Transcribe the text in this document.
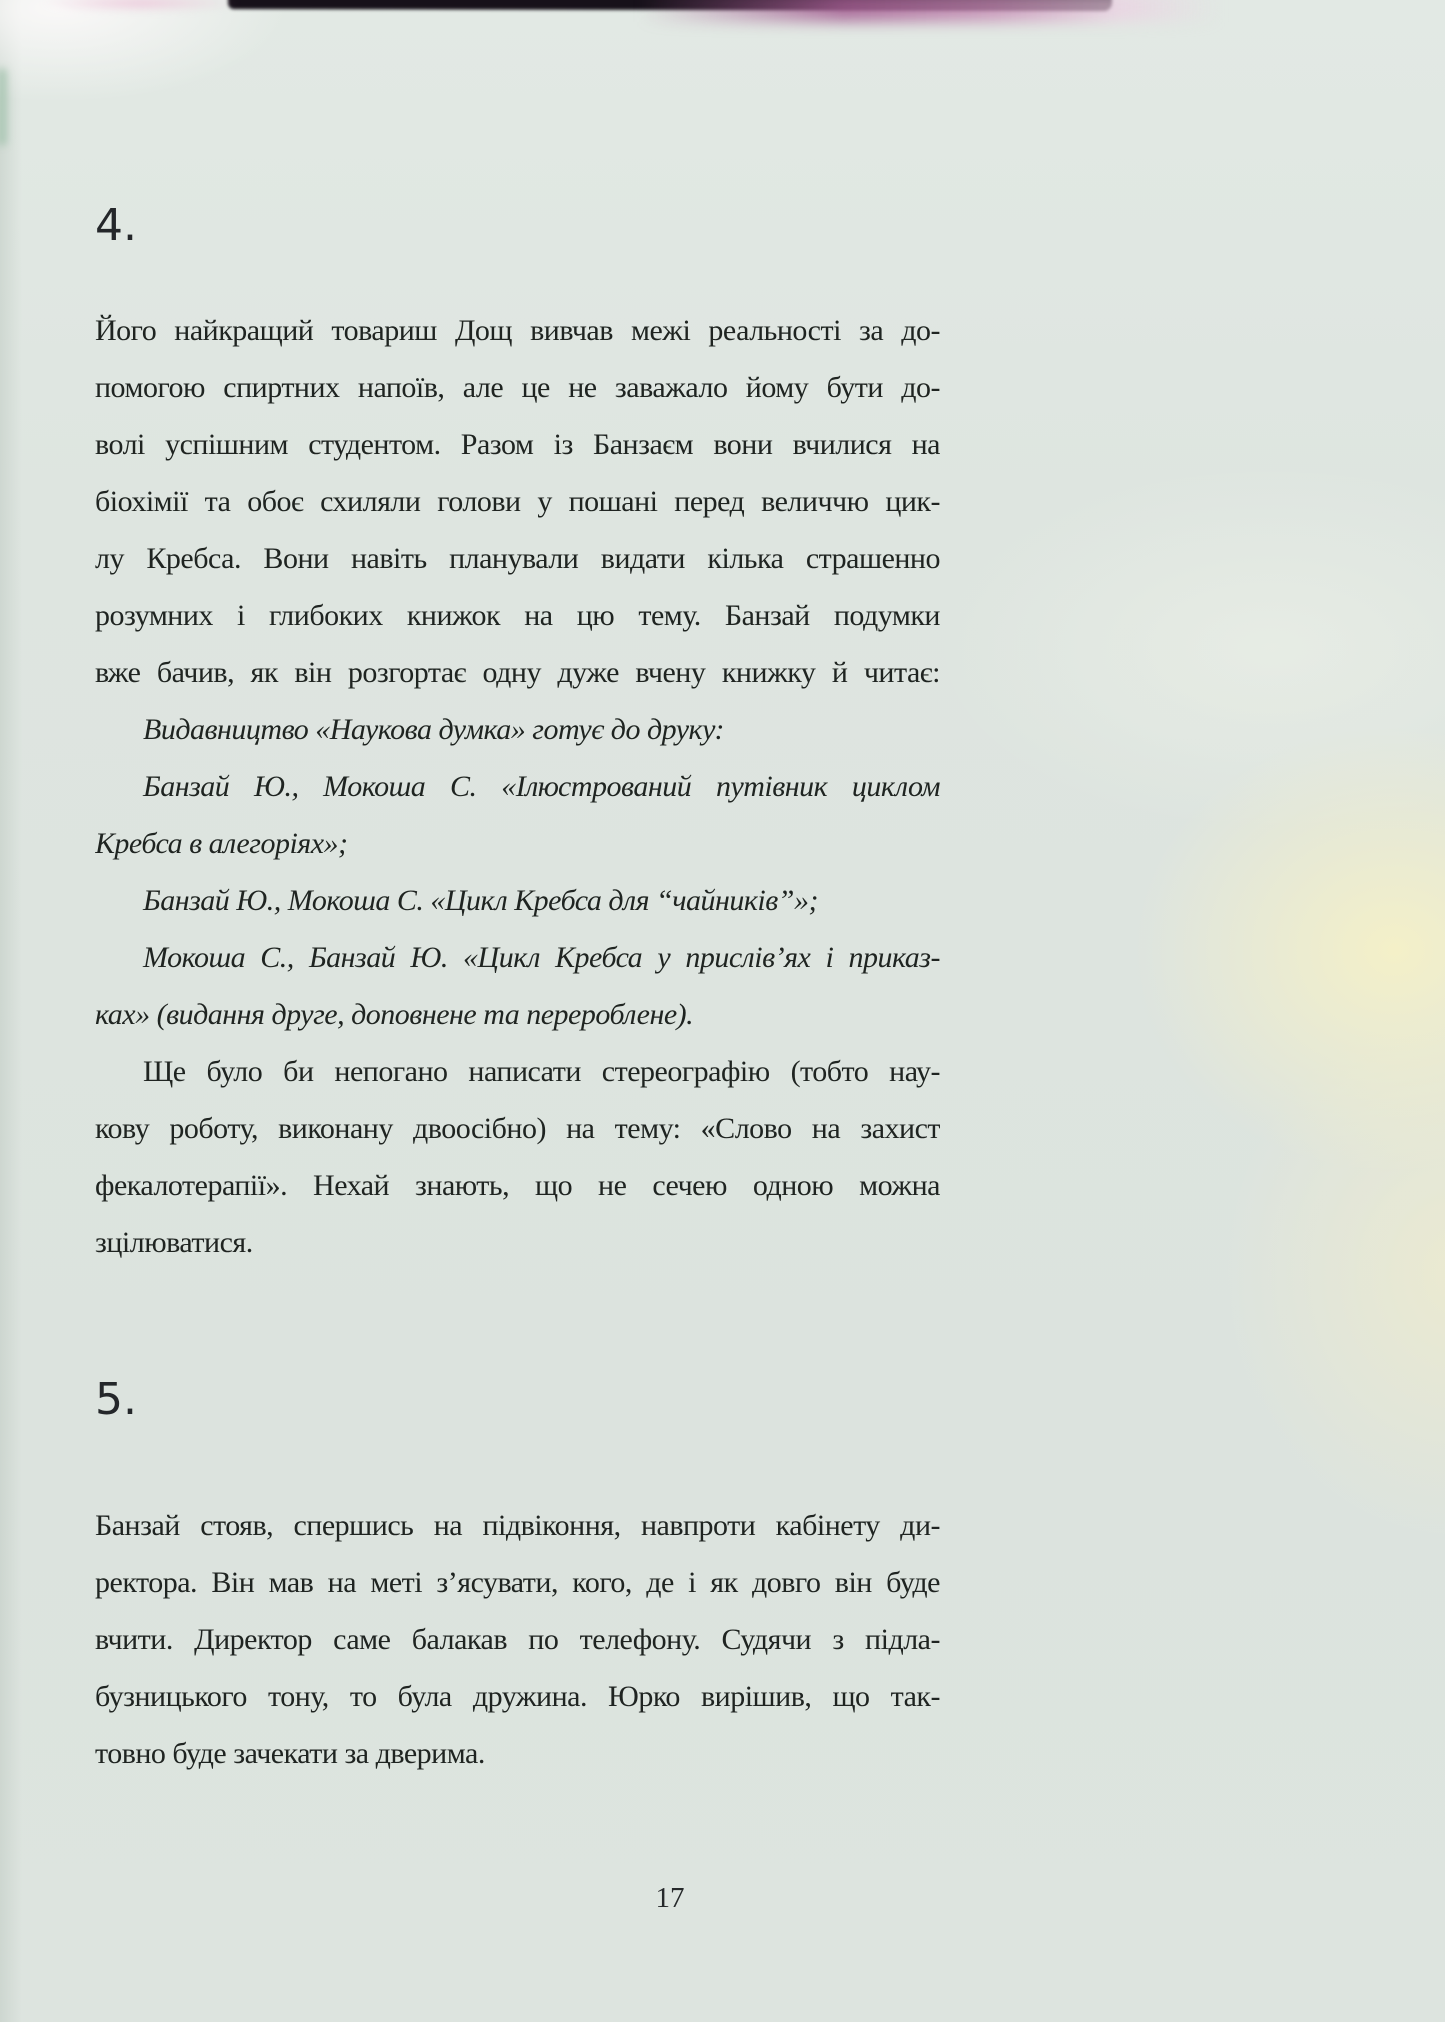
4.
Його найкращий товариш Дощ вивчав межі реальності за до-
помогою спиртних напоїв, але це не заважало йому бути до-
волі успішним студентом. Разом із Банзаєм вони вчилися на
біохімії та обоє схиляли голови у пошані перед величчю цик-
лу Кребса. Вони навіть планували видати кілька страшенно
розумних і глибоких книжок на цю тему. Банзай подумки
вже бачив, як він розгортає одну дуже вчену книжку й читає:
Видавництво «Наукова думка» готує до друку:
Банзай Ю., Мокоша С. «Ілюстрований путівник циклом
Кребса в алегоріях»;
Банзай Ю., Мокоша С. «Цикл Кребса для “чайників”»;
Мокоша С., Банзай Ю. «Цикл Кребса у прислів’ях і приказ-
ках» (видання друге, доповнене та перероблене).
Ще було би непогано написати стереографію (тобто нау-
кову роботу, виконану двоосібно) на тему: «Слово на захист
фекалотерапії». Нехай знають, що не сечею одною можна
зцілюватися.
5.
Банзай стояв, спершись на підвіконня, навпроти кабінету ди-
ректора. Він мав на меті з’ясувати, кого, де і як довго він буде
вчити. Директор саме балакав по телефону. Судячи з підла-
бузницького тону, то була дружина. Юрко вирішив, що так-
товно буде зачекати за дверима.
17
